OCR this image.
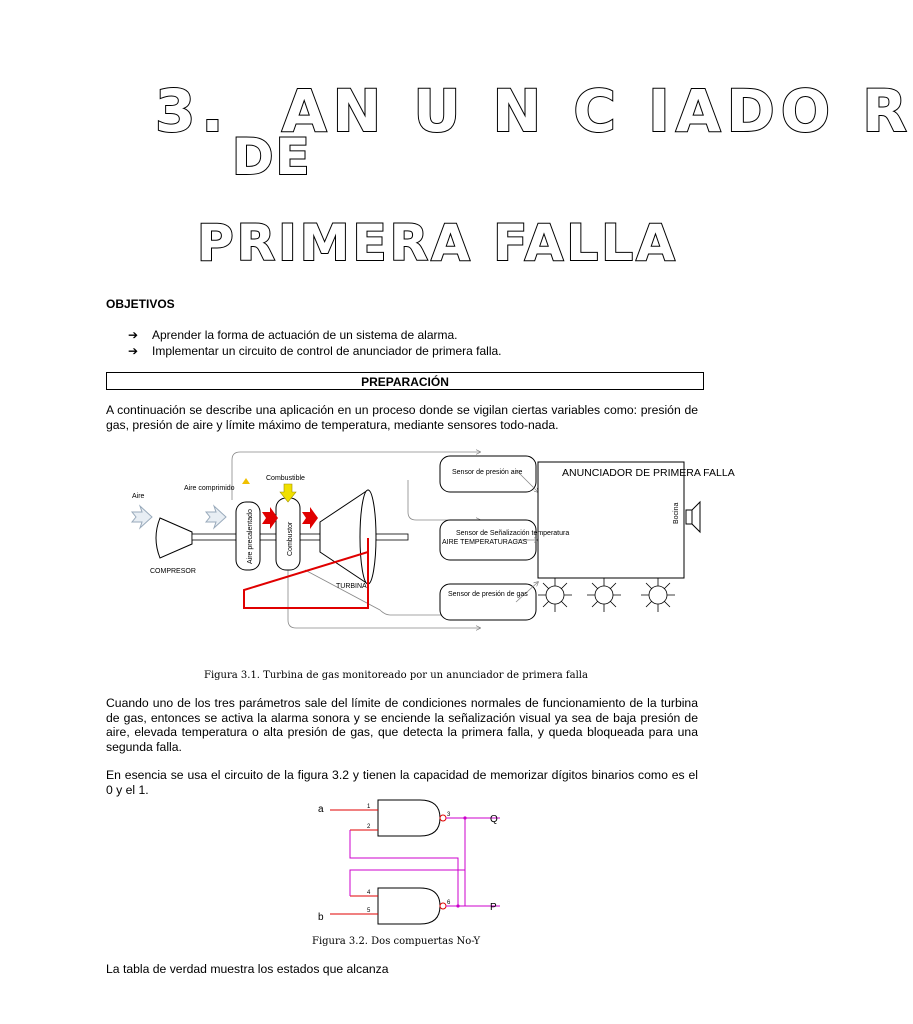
3.  AN U N C IADO R
DE
PRIMERA FALLA
OBJETIVOS
➔ Aprender la forma de actuación de un sistema de alarma.
➔ Implementar un circuito de control de anunciador de primera falla.
PREPARACIÓN
A continuación se describe una aplicación en un proceso donde se vigilan ciertas variables como: presión de gas, presión de aire y límite máximo de temperatura, mediante sensores todo-nada.
Aire
Aire comprimido
Combustible
COMPRESOR
TURBINA
Aire precalentado	Combustor
Sensor de presión aire
Sensor de Señalización temperatura
AIRE TEMPERATURAGAS
Sensor de presión de gas
ANUNCIADOR DE PRIMERA FALLA
Bocina
Figura 3.1. Turbina de gas monitoreado por un anunciador de primera falla
Cuando uno de los tres parámetros sale del límite de condiciones normales de funcionamiento de la turbina de gas, entonces se activa la alarma sonora y se enciende la señalización visual ya sea de baja presión de aire, elevada temperatura o alta presión de gas, que detecta la primera falla, y queda bloqueada para una segunda falla.
En esencia se usa el circuito de la figura 3.2 y tienen la capacidad de memorizar dígitos binarios como es el 0 y el 1.
a
b
Q
P
1
2
3
4
5
6
Figura 3.2. Dos compuertas No-Y
La tabla de verdad muestra los estados que alcanza
